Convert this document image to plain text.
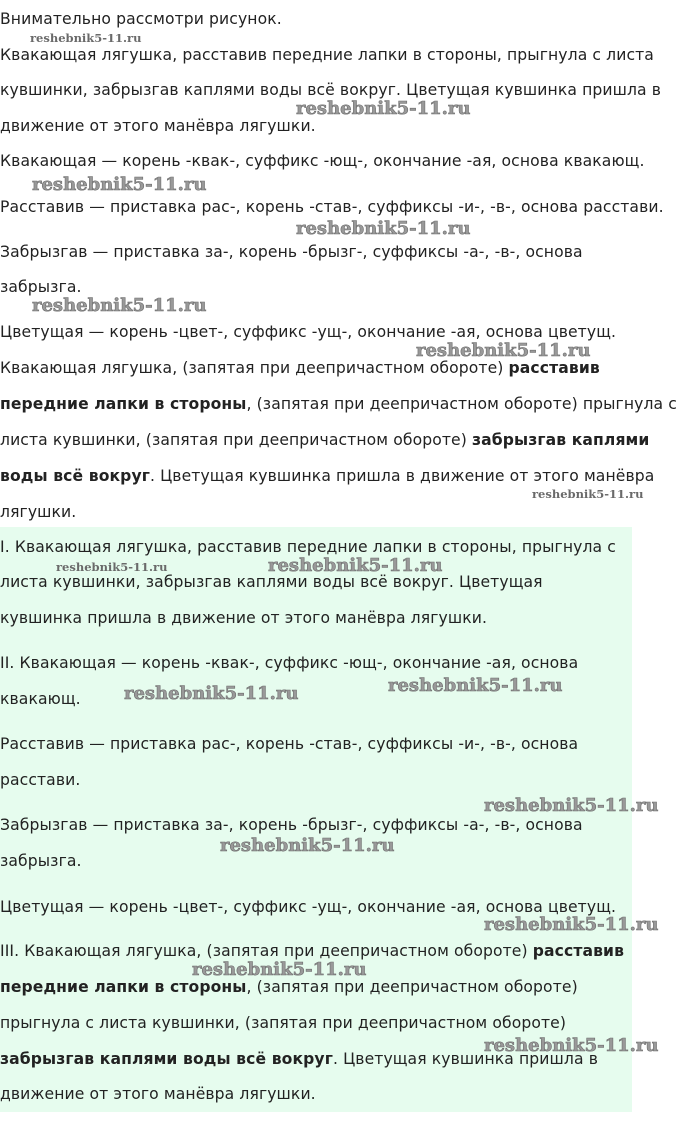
Внимательно рассмотри рисунок.

Квакающая лягушка, расставив передние лапки в стороны, прыгнула с листа

кувшинки, забрызгав каплями воды всё вокруг. Цветущая кувшинка пришла в

движение от этого манёвра лягушки.

Квакающая — корень -квак-, суффикс -ющ-, окончание -ая, основа квакающ.

Расставив — приставка рас-, корень -став-, суффиксы -и-, -в-, основа расстави.

Забрызгав — приставка за-, корень -брызг-, суффиксы -а-, -в-, основа

забрызга.

Цветущая — корень -цвет-, суффикс -ущ-, окончание -ая, основа цветущ.

Квакающая лягушка, (запятая при деепричастном обороте) расставив

передние лапки в стороны, (запятая при деепричастном обороте) прыгнула с

листа кувшинки, (запятая при деепричастном обороте) забрызгав каплями

воды всё вокруг. Цветущая кувшинка пришла в движение от этого манёвра

лягушки.

I. Квакающая лягушка, расставив передние лапки в стороны, прыгнула с

листа кувшинки, забрызгав каплями воды всё вокруг. Цветущая

кувшинка пришла в движение от этого манёвра лягушки.

II. Квакающая — корень -квак-, суффикс -ющ-, окончание -ая, основа

квакающ.

Расставив — приставка рас-, корень -став-, суффиксы -и-, -в-, основа

расстави.

Забрызгав — приставка за-, корень -брызг-, суффиксы -а-, -в-, основа

забрызга.

Цветущая — корень -цвет-, суффикс -ущ-, окончание -ая, основа цветущ.

III. Квакающая лягушка, (запятая при деепричастном обороте) расставив

передние лапки в стороны, (запятая при деепричастном обороте)

прыгнула с листа кувшинки, (запятая при деепричастном обороте)

забрызгав каплями воды всё вокруг. Цветущая кувшинка пришла в

движение от этого манёвра лягушки.

reshebnik5-11.ru
reshebnik5-11.ru
reshebnik5-11.ru
reshebnik5-11.ru
reshebnik5-11.ru
reshebnik5-11.ru
reshebnik5-11.ru
reshebnik5-11.ru	reshebnik5-11.ru
reshebnik5-11.ru	reshebnik5-11.ru
reshebnik5-11.ru
reshebnik5-11.ru
reshebnik5-11.ru
reshebnik5-11.ru
reshebnik5-11.ru
